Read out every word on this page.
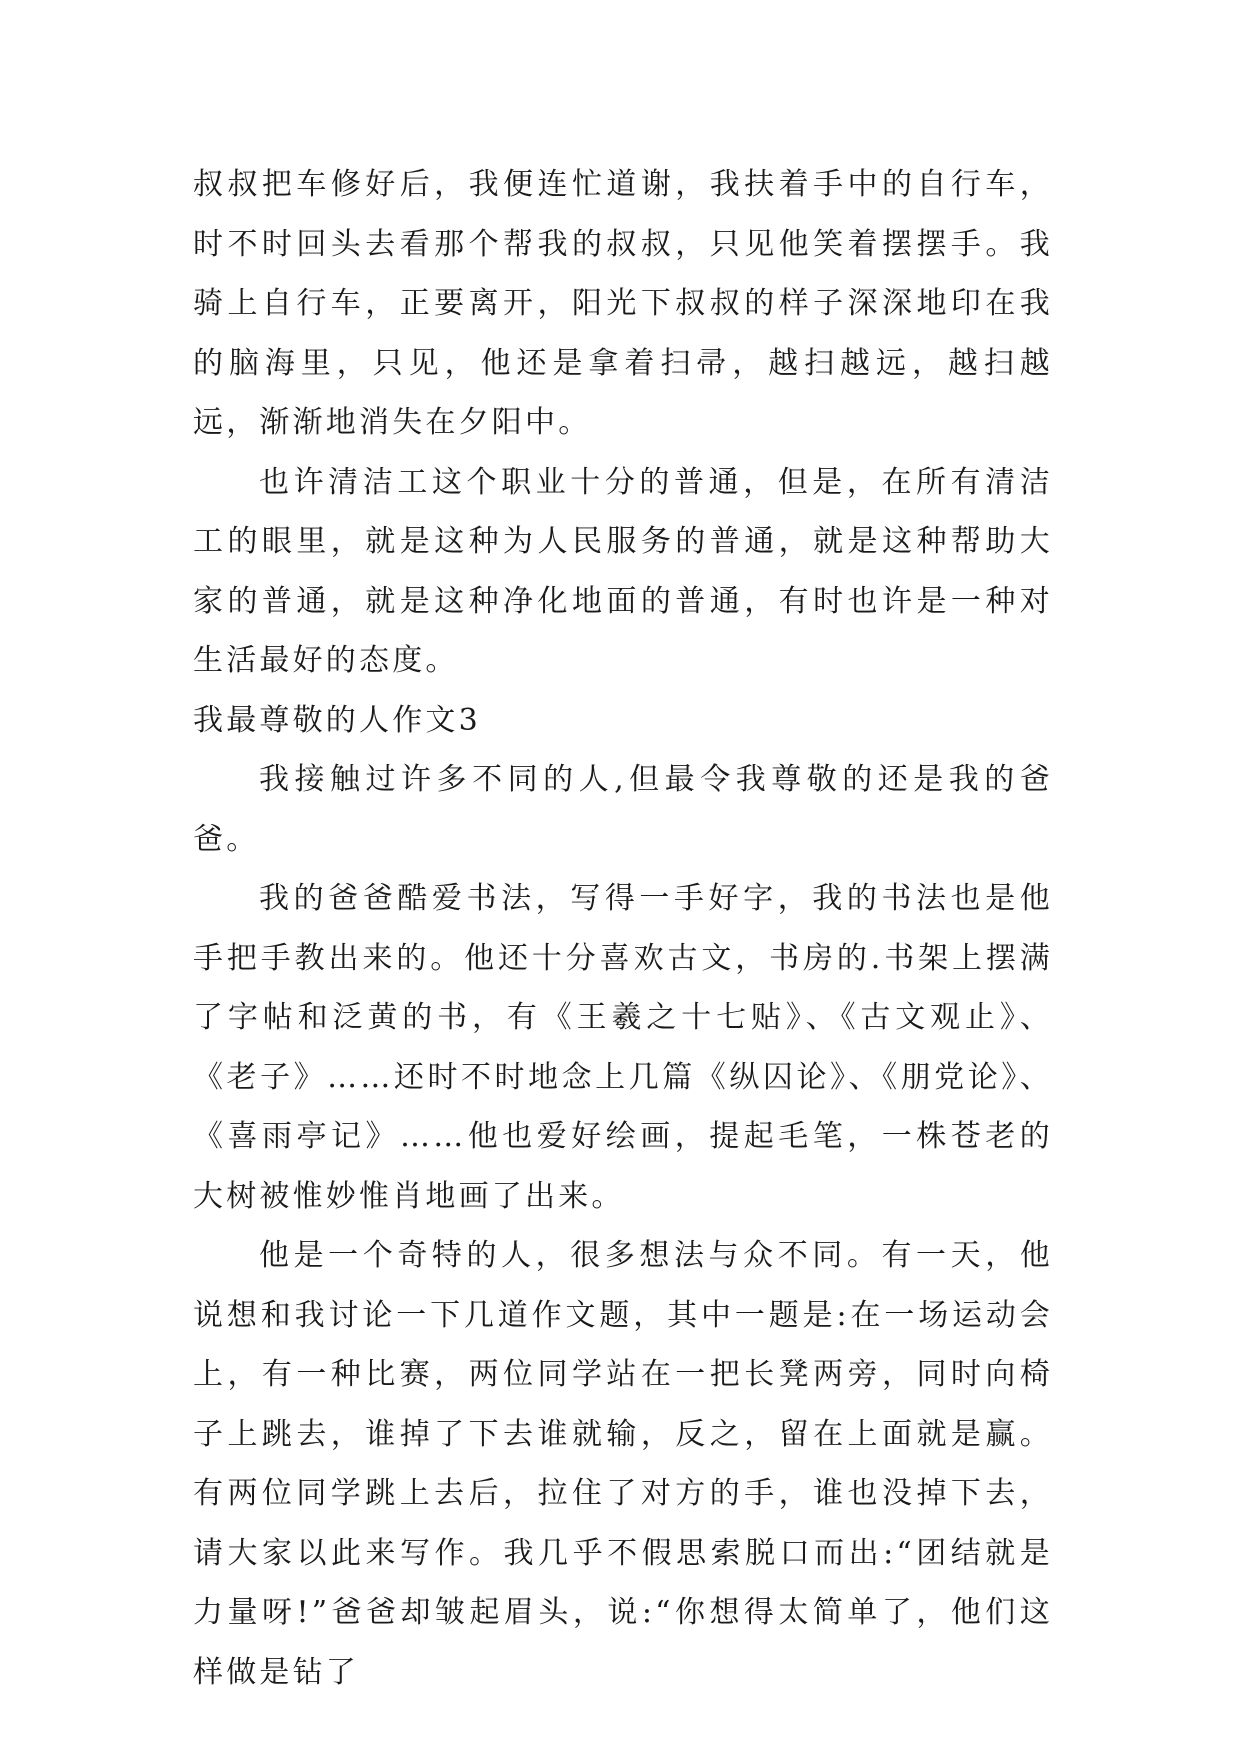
叔叔把车修好后，我便连忙道谢，我扶着手中的自行车，时不时回头去看那个帮我的叔叔，只见他笑着摆摆手。我骑上自行车，正要离开，阳光下叔叔的样子深深地印在我的脑海里，只见，他还是拿着扫帚，越扫越远，越扫越远，渐渐地消失在夕阳中。

也许清洁工这个职业十分的普通，但是，在所有清洁工的眼里，就是这种为人民服务的普通，就是这种帮助大家的普通，就是这种净化地面的普通，有时也许是一种对生活最好的态度。

我最尊敬的人作文3

我接触过许多不同的人,但最令我尊敬的还是我的爸爸。

我的爸爸酷爱书法，写得一手好字，我的书法也是他手把手教出来的。他还十分喜欢古文，书房的.书架上摆满了字帖和泛黄的书，有《王羲之十七贴》、《古文观止》、《老子》……还时不时地念上几篇《纵囚论》、《朋党论》、《喜雨亭记》……他也爱好绘画，提起毛笔，一株苍老的大树被惟妙惟肖地画了出来。

他是一个奇特的人，很多想法与众不同。有一天，他说想和我讨论一下几道作文题，其中一题是:在一场运动会上，有一种比赛，两位同学站在一把长凳两旁，同时向椅子上跳去，谁掉了下去谁就输，反之，留在上面就是赢。有两位同学跳上去后，拉住了对方的手，谁也没掉下去，请大家以此来写作。我几乎不假思索脱口而出:“团结就是力量呀!”爸爸却皱起眉头，说:“你想得太简单了，他们这样做是钻了
